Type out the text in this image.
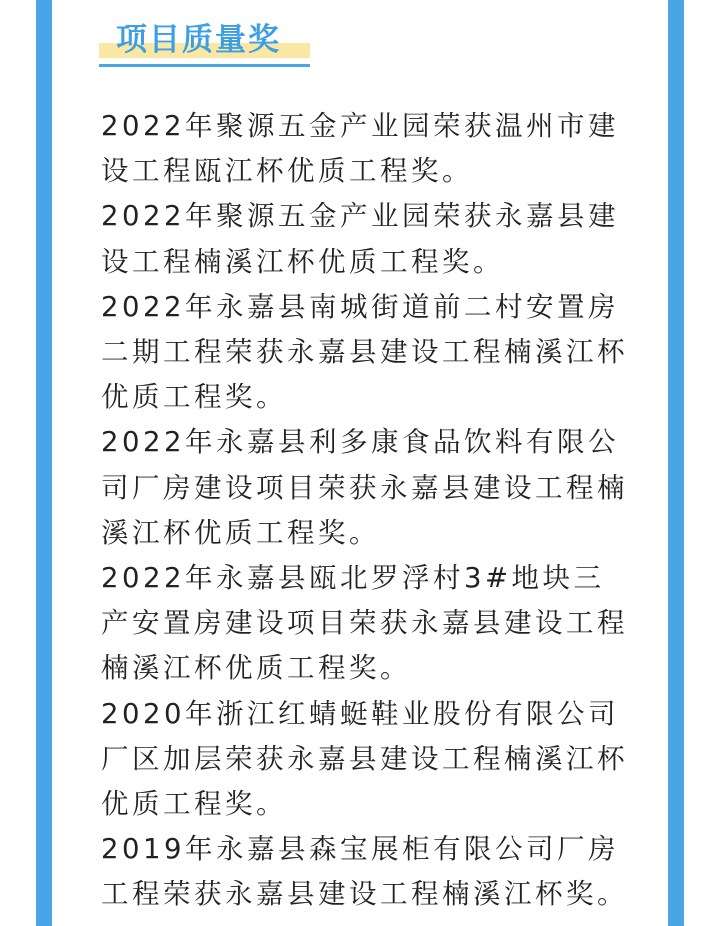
项目质量奖

2022年聚源五金产业园荣获温州市建设工程瓯江杯优质工程奖。

2022年聚源五金产业园荣获永嘉县建设工程楠溪江杯优质工程奖。

2022年永嘉县南城街道前二村安置房二期工程荣获永嘉县建设工程楠溪江杯优质工程奖。

2022年永嘉县利多康食品饮料有限公司厂房建设项目荣获永嘉县建设工程楠溪江杯优质工程奖。

2022年永嘉县瓯北罗浮村3#地块三产安置房建设项目荣获永嘉县建设工程楠溪江杯优质工程奖。

2020年浙江红蜻蜓鞋业股份有限公司厂区加层荣获永嘉县建设工程楠溪江杯优质工程奖。

2019年永嘉县森宝展柜有限公司厂房工程荣获永嘉县建设工程楠溪江杯奖。
